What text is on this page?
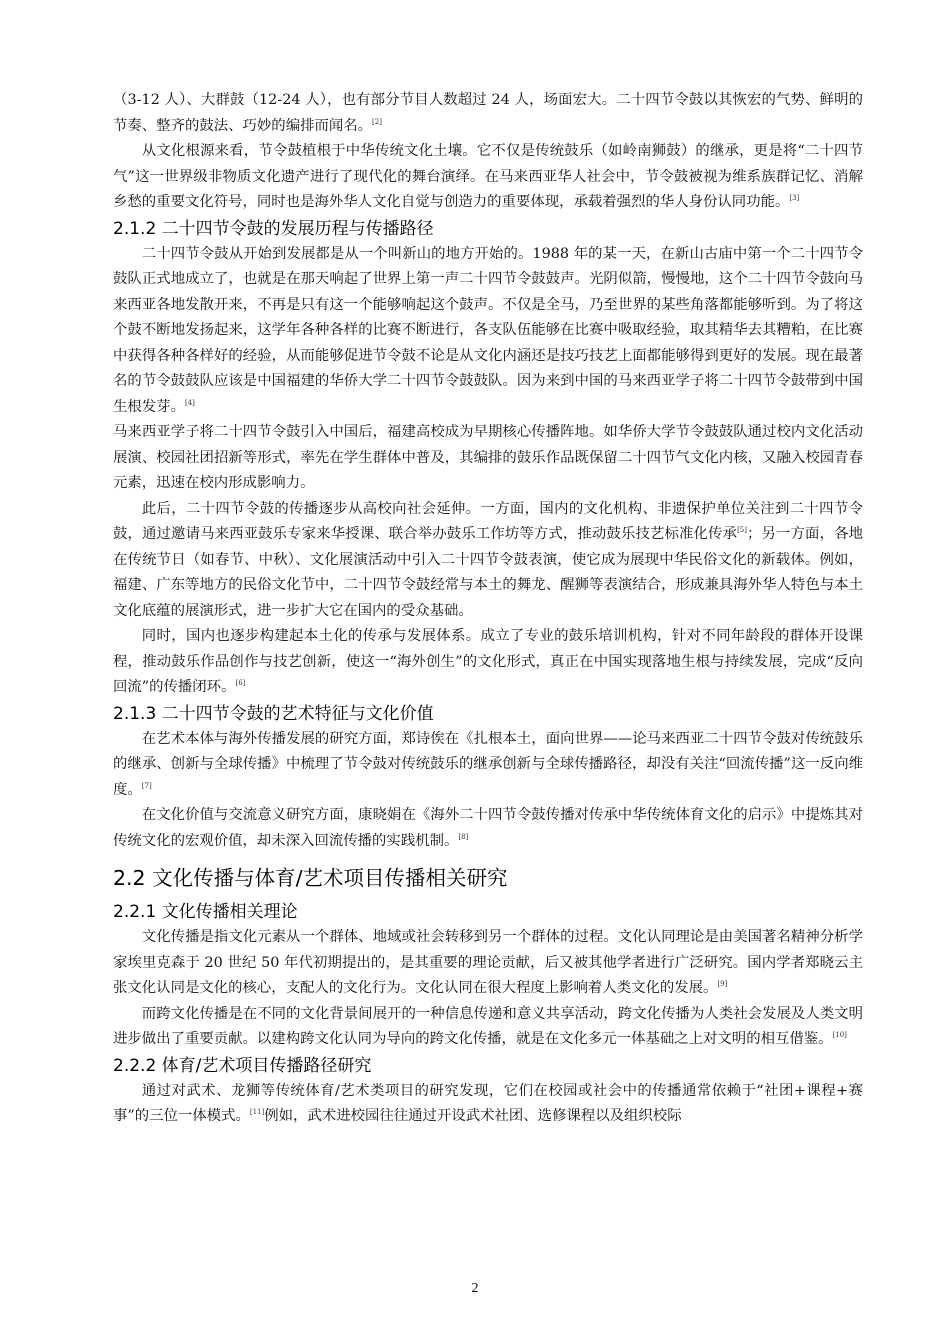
（3-12 人）、大群鼓（12-24 人），也有部分节目人数超过 24 人，场面宏大。二十四节令鼓以其恢宏的气势、鲜明的节奏、整齐的鼓法、巧妙的编排而闻名。[2]

从文化根源来看，节令鼓植根于中华传统文化土壤。它不仅是传统鼓乐（如岭南狮鼓）的继承，更是将“二十四节气”这一世界级非物质文化遗产进行了现代化的舞台演绎。在马来西亚华人社会中，节令鼓被视为维系族群记忆、消解乡愁的重要文化符号，同时也是海外华人文化自觉与创造力的重要体现，承载着强烈的华人身份认同功能。[3]

2.1.2 二十四节令鼓的发展历程与传播路径

二十四节令鼓从开始到发展都是从一个叫新山的地方开始的。1988 年的某一天，在新山古庙中第一个二十四节令鼓队正式地成立了，也就是在那天响起了世界上第一声二十四节令鼓鼓声。光阴似箭，慢慢地，这个二十四节令鼓向马来西亚各地发散开来，不再是只有这一个能够响起这个鼓声。不仅是全马，乃至世界的某些角落都能够听到。为了将这个鼓不断地发扬起来，这学年各种各样的比赛不断进行，各支队伍能够在比赛中吸取经验，取其精华去其糟粕，在比赛中获得各种各样好的经验，从而能够促进节令鼓不论是从文化内涵还是技巧技艺上面都能够得到更好的发展。现在最著名的节令鼓鼓队应该是中国福建的华侨大学二十四节令鼓鼓队。因为来到中国的马来西亚学子将二十四节令鼓带到中国生根发芽。[4]

马来西亚学子将二十四节令鼓引入中国后，福建高校成为早期核心传播阵地。如华侨大学节令鼓鼓队通过校内文化活动展演、校园社团招新等形式，率先在学生群体中普及，其编排的鼓乐作品既保留二十四节气文化内核，又融入校园青春元素，迅速在校内形成影响力。

此后，二十四节令鼓的传播逐步从高校向社会延伸。一方面，国内的文化机构、非遗保护单位关注到二十四节令鼓，通过邀请马来西亚鼓乐专家来华授课、联合举办鼓乐工作坊等方式，推动鼓乐技艺标准化传承[5]；另一方面，各地在传统节日（如春节、中秋）、文化展演活动中引入二十四节令鼓表演，使它成为展现中华民俗文化的新载体。例如，福建、广东等地方的民俗文化节中，二十四节令鼓经常与本土的舞龙、醒狮等表演结合，形成兼具海外华人特色与本土文化底蕴的展演形式，进一步扩大它在国内的受众基础。

同时，国内也逐步构建起本土化的传承与发展体系。成立了专业的鼓乐培训机构，针对不同年龄段的群体开设课程，推动鼓乐作品创作与技艺创新，使这一“海外创生”的文化形式，真正在中国实现落地生根与持续发展，完成“反向回流”的传播闭环。[6]

2.1.3 二十四节令鼓的艺术特征与文化价值

在艺术本体与海外传播发展的研究方面，郑诗俟在《扎根本土，面向世界——论马来西亚二十四节令鼓对传统鼓乐的继承、创新与全球传播》中梳理了节令鼓对传统鼓乐的继承创新与全球传播路径，却没有关注“回流传播”这一反向维度。[7]

在文化价值与交流意义研究方面，康晓娟在《海外二十四节令鼓传播对传承中华传统体育文化的启示》中提炼其对传统文化的宏观价值，却未深入回流传播的实践机制。[8]

2.2 文化传播与体育/艺术项目传播相关研究
2.2.1 文化传播相关理论

文化传播是指文化元素从一个群体、地域或社会转移到另一个群体的过程。文化认同理论是由美国著名精神分析学家埃里克森于 20 世纪 50 年代初期提出的，是其重要的理论贡献，后又被其他学者进行广泛研究。国内学者郑晓云主张文化认同是文化的核心，支配人的文化行为。文化认同在很大程度上影响着人类文化的发展。[9]

而跨文化传播是在不同的文化背景间展开的一种信息传递和意义共享活动，跨文化传播为人类社会发展及人类文明进步做出了重要贡献。以建构跨文化认同为导向的跨文化传播，就是在文化多元一体基础之上对文明的相互借鉴。[10]

2.2.2 体育/艺术项目传播路径研究

通过对武术、龙狮等传统体育/艺术类项目的研究发现，它们在校园或社会中的传播通常依赖于“社团+课程+赛事”的三位一体模式。[11]例如，武术进校园往往通过开设武术社团、选修课程以及组织校际

2
